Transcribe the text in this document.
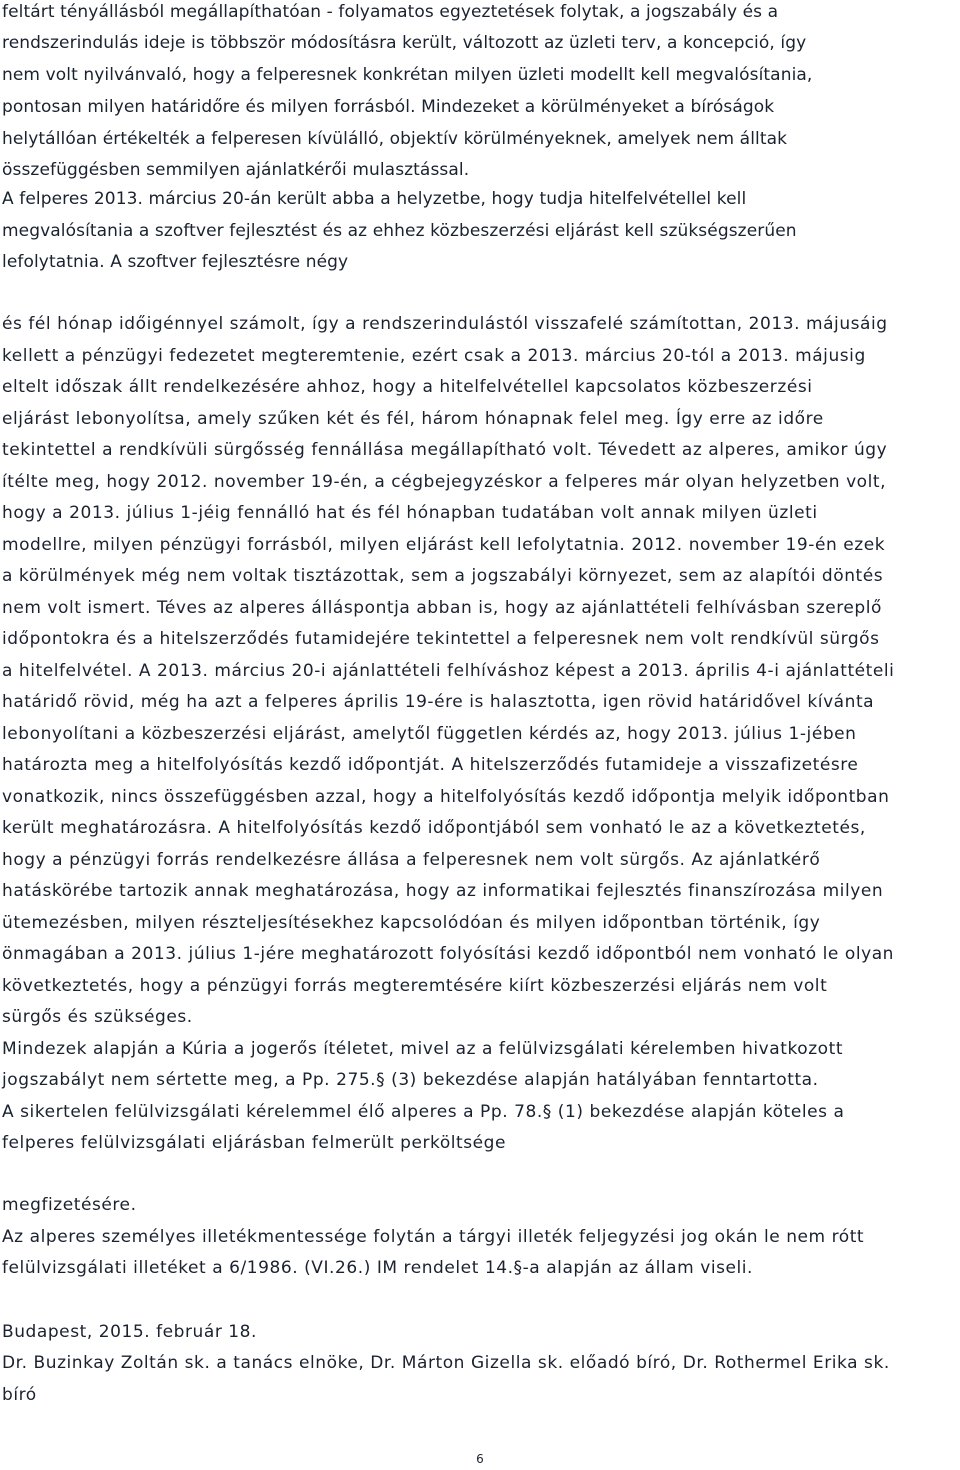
feltárt tényállásból megállapíthatóan - folyamatos egyeztetések folytak, a jogszabály és a
rendszerindulás ideje is többször módosításra került, változott az üzleti terv, a koncepció, így
nem volt nyilvánvaló, hogy a felperesnek konkrétan milyen üzleti modellt kell megvalósítania,
pontosan milyen határidőre és milyen forrásból. Mindezeket a körülményeket a bíróságok
helytállóan értékelték a felperesen kívülálló, objektív körülményeknek, amelyek nem álltak
összefüggésben semmilyen ajánlatkérői mulasztással.
A felperes 2013. március 20-án került abba a helyzetbe, hogy tudja hitelfelvétellel kell
megvalósítania a szoftver fejlesztést és az ehhez közbeszerzési eljárást kell szükségszerűen
lefolytatnia. A szoftver fejlesztésre négy
és fél hónap időigénnyel számolt, így a rendszerindulástól visszafelé számítottan, 2013. májusáig
kellett a pénzügyi fedezetet megteremtenie, ezért csak a 2013. március 20-tól a 2013. májusig
eltelt időszak állt rendelkezésére ahhoz, hogy a hitelfelvétellel kapcsolatos közbeszerzési
eljárást lebonyolítsa, amely szűken két és fél, három hónapnak felel meg. Így erre az időre
tekintettel a rendkívüli sürgősség fennállása megállapítható volt. Tévedett az alperes, amikor úgy
ítélte meg, hogy 2012. november 19-én, a cégbejegyzéskor a felperes már olyan helyzetben volt,
hogy a 2013. július 1-jéig fennálló hat és fél hónapban tudatában volt annak milyen üzleti
modellre, milyen pénzügyi forrásból, milyen eljárást kell lefolytatnia. 2012. november 19-én ezek
a körülmények még nem voltak tisztázottak, sem a jogszabályi környezet, sem az alapítói döntés
nem volt ismert. Téves az alperes álláspontja abban is, hogy az ajánlattételi felhívásban szereplő
időpontokra és a hitelszerződés futamidejére tekintettel a felperesnek nem volt rendkívül sürgős
a hitelfelvétel. A 2013. március 20-i ajánlattételi felhíváshoz képest a 2013. április 4-i ajánlattételi
határidő rövid, még ha azt a felperes április 19-ére is halasztotta, igen rövid határidővel kívánta
lebonyolítani a közbeszerzési eljárást, amelytől független kérdés az, hogy 2013. július 1-jében
határozta meg a hitelfolyósítás kezdő időpontját. A hitelszerződés futamideje a visszafizetésre
vonatkozik, nincs összefüggésben azzal, hogy a hitelfolyósítás kezdő időpontja melyik időpontban
került meghatározásra. A hitelfolyósítás kezdő időpontjából sem vonható le az a következtetés,
hogy a pénzügyi forrás rendelkezésre állása a felperesnek nem volt sürgős. Az ajánlatkérő
hatáskörébe tartozik annak meghatározása, hogy az informatikai fejlesztés finanszírozása milyen
ütemezésben, milyen részteljesítésekhez kapcsolódóan és milyen időpontban történik, így
önmagában a 2013. július 1-jére meghatározott folyósítási kezdő időpontból nem vonható le olyan
következtetés, hogy a pénzügyi forrás megteremtésére kiírt közbeszerzési eljárás nem volt
sürgős és szükséges.
Mindezek alapján a Kúria a jogerős ítéletet, mivel az a felülvizsgálati kérelemben hivatkozott
jogszabályt nem sértette meg, a Pp. 275.§ (3) bekezdése alapján hatályában fenntartotta.
A sikertelen felülvizsgálati kérelemmel élő alperes a Pp. 78.§ (1) bekezdése alapján köteles a
felperes felülvizsgálati eljárásban felmerült perköltsége
megfizetésére.
Az alperes személyes illetékmentessége folytán a tárgyi illeték feljegyzési jog okán le nem rótt
felülvizsgálati illetéket a 6/1986. (VI.26.) IM rendelet 14.§-a alapján az állam viseli.
Budapest, 2015. február 18.
Dr. Buzinkay Zoltán sk. a tanács elnöke, Dr. Márton Gizella sk. előadó bíró, Dr. Rothermel Erika sk.
bíró
6
